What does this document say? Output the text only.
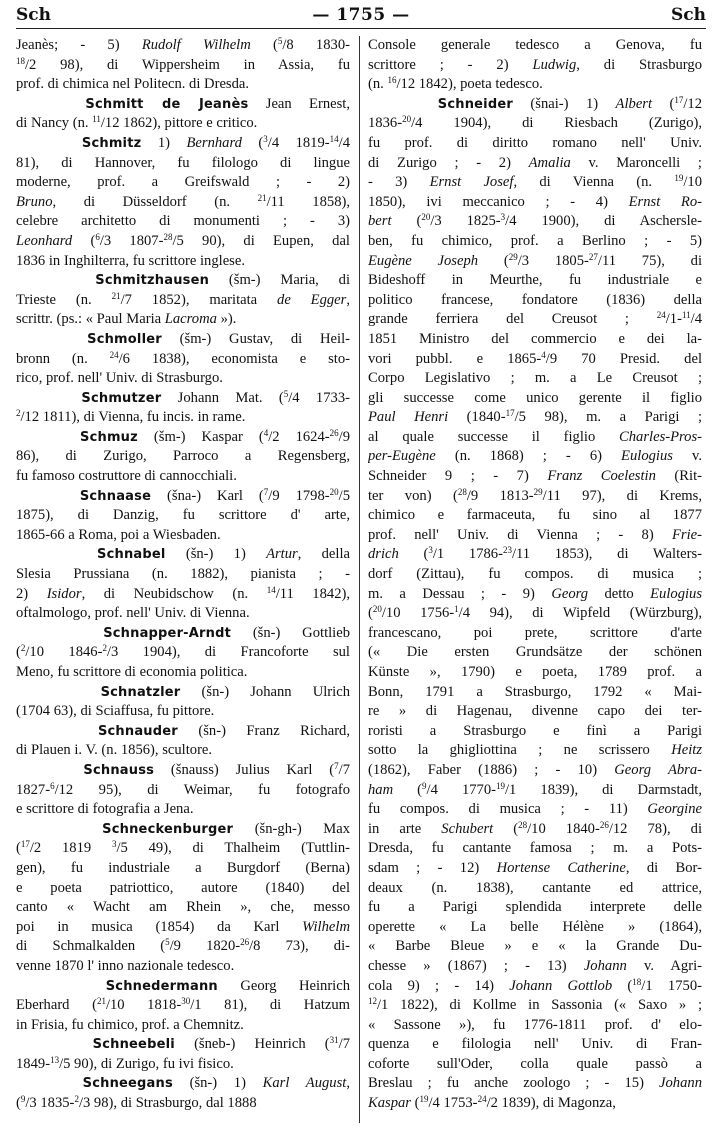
Sch	— 1755 —	Sch
Jeanès; - 5) Rudolf Wilhelm ($^5$/8 1830-
$^{18}$/2 98), di Wippersheim in Assia, fu
prof. di chimica nel Politecn. di Dresda.
Schmitt de Jeanès Jean Ernest,
di Nancy (n. $^{11}$/12 1862), pittore e critico.
Schmitz 1) Bernhard ($^3$/4 1819-$^{14}$/4
81), di Hannover, fu filologo di lingue
moderne, prof. a Greifswald ; - 2)
Bruno, di Düsseldorf (n. $^{21}$/11 1858),
celebre architetto di monumenti ; - 3)
Leonhard ($^6$/3 1807-$^{28}$/5 90), di Eupen, dal
1836 in Inghilterra, fu scrittore inglese.
Schmitzhausen (šm-) Maria, di
Trieste (n. $^{21}$/7 1852), maritata de Egger,
scrittr. (ps.: « Paul Maria Lacroma »).
Schmoller (šm-) Gustav, di Heil-
bronn (n. $^{24}$/6 1838), economista e sto-
rico, prof. nell' Univ. di Strasburgo.
Schmutzer Johann Mat. ($^5$/4 1733-
$^2$/12 1811), di Vienna, fu incis. in rame.
Schmuz (šm-) Kaspar ($^4$/2 1624-$^{26}$/9
86), di Zurigo, Parroco a Regensberg,
fu famoso costruttore di cannocchiali.
Schnaase (šna-) Karl ($^7$/9 1798-$^{20}$/5
1875), di Danzig, fu scrittore d' arte,
1865-66 a Roma, poi a Wiesbaden.
Schnabel (šn-) 1) Artur, della
Slesia Prussiana (n. 1882), pianista ; -
2) Isidor, di Neubidschow (n. $^{14}$/11 1842),
oftalmologo, prof. nell' Univ. di Vienna.
Schnapper-Arndt (šn-) Gottlieb
($^2$/10 1846-$^2$/3 1904), di Francoforte sul
Meno, fu scrittore di economia politica.
Schnatzler (šn-) Johann Ulrich
(1704 63), di Sciaffusa, fu pittore.
Schnauder (šn-) Franz Richard,
di Plauen i. V. (n. 1856), scultore.
Schnauss (šnauss) Julius Karl ($^7$/7
1827-$^6$/12 95), di Weimar, fu fotografo
e scrittore di fotografia a Jena.
Schneckenburger (šn-gh-) Max
($^{17}$/2 1819 $^3$/5 49), di Thalheim (Tuttlin-
gen), fu industriale a Burgdorf (Berna)
e poeta patriottico, autore (1840) del
canto « Wacht am Rhein », che, messo
poi in musica (1854) da Karl Wilhelm
di Schmalkalden ($^5$/9 1820-$^{26}$/8 73), di-
venne 1870 l' inno nazionale tedesco.
Schnedermann Georg Heinrich
Eberhard ($^{21}$/10 1818-$^{30}$/1 81), di Hatzum
in Frisia, fu chimico, prof. a Chemnitz.
Schneebeli (šneb-) Heinrich ($^{31}$/7
1849-$^{13}$/5 90), di Zurigo, fu ivi fisico.
Schneegans (šn-) 1) Karl August,
($^9$/3 1835-$^2$/3 98), di Strasburgo, dal 1888
Console generale tedesco a Genova, fu
scrittore ; - 2) Ludwig, di Strasburgo
(n. $^{16}$/12 1842), poeta tedesco.
Schneider (šnai-) 1) Albert ($^{17}$/12
1836-$^{20}$/4 1904), di Riesbach (Zurigo),
fu prof. di diritto romano nell' Univ.
di Zurigo ; - 2) Amalia v. Maroncelli ;
- 3) Ernst Josef, di Vienna (n. $^{19}$/10
1850), ivi meccanico ; - 4) Ernst Ro-
bert ($^{20}$/3 1825-$^3$/4 1900), di Ascherslе-
ben, fu chimico, prof. a Berlino ; - 5)
Eugène Joseph ($^{29}$/3 1805-$^{27}$/11 75), di
Bideshoff in Meurthe, fu industriale e
politico francese, fondatore (1836) della
grande ferriera del Creusot ; $^{24}$/1-$^{11}$/4
1851 Ministro del commercio e dei la-
vori pubbl. e 1865-$^4$/9 70 Presid. del
Corpo Legislativo ; m. a Le Creusot ;
gli successe come unico gerente il figlio
Paul Henri (1840-$^{17}$/5 98), m. a Parigi ;
al quale successe il figlio Charles-Pros-
per-Eugène (n. 1868) ; - 6) Eulogius v.
Schneider 9 ; - 7) Franz Coelestin (Rit-
ter von) ($^{28}$/9 1813-$^{29}$/11 97), di Krems,
chimico e farmaceuta, fu sino al 1877
prof. nell' Univ. di Vienna ; - 8) Frie-
drich ($^3$/1 1786-$^{23}$/11 1853), di Walters-
dorf (Zittau), fu compos. di musica ;
m. a Dessau ; - 9) Georg detto Eulogius
($^{20}$/10 1756-$^1$/4 94), di Wipfeld (Würzburg),
francescano, poi prete, scrittore d'arte
(« Die ersten Grundsätze der schönen
Künste », 1790) e poeta, 1789 prof. a
Bonn, 1791 a Strasburgo, 1792 « Mai-
re » di Hagenau, divenne capo dei ter-
roristi a Strasburgo e finì a Parigi
sotto la ghigliottina ; ne scrissero Heitz
(1862), Faber (1886) ; - 10) Georg Abra-
ham ($^9$/4 1770-$^{19}$/1 1839), di Darmstadt,
fu compos. di musica ; - 11) Georgine
in arte Schubert ($^{28}$/10 1840-$^{26}$/12 78), di
Dresda, fu cantante famosa ; m. a Pots-
sdam ; - 12) Hortense Catherine, di Bor-
deaux (n. 1838), cantante ed attrice,
fu a Parigi splendida interprete delle
operette « La belle Hélène » (1864),
« Barbe Bleue » e « la Grande Du-
chesse » (1867) ; - 13) Johann v. Agri-
cola 9) ; - 14) Johann Gottlob ($^{18}$/1 1750-
$^{12}$/1 1822), di Kollme in Sassonia (« Saxo » ;
« Sassone »), fu 1776-1811 prof. d' elo-
quenza e filologia nell' Univ. di Fran-
coforte sull'Oder, colla quale passò a
Breslau ; fu anche zoologo ; - 15) Johann
Kaspar ($^{19}$/4 1753-$^{24}$/2 1839), di Magonza,
